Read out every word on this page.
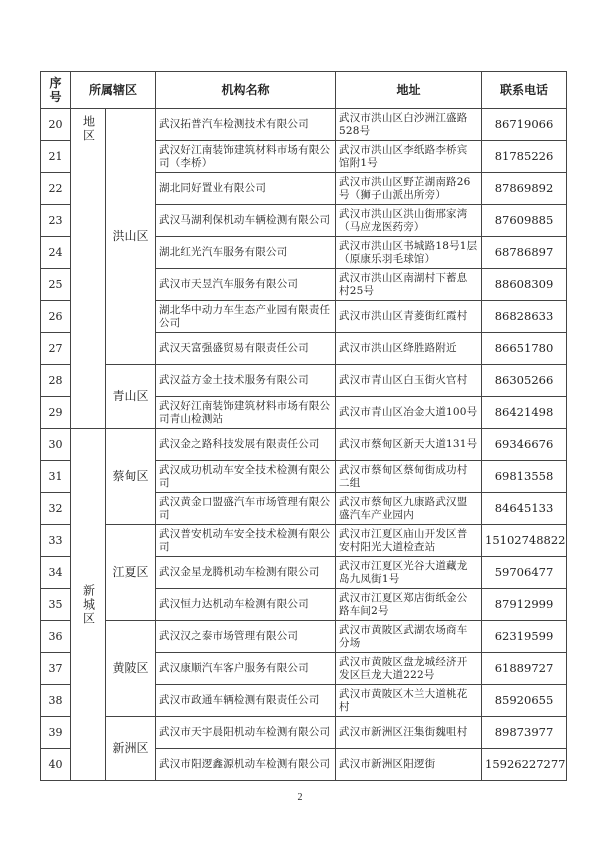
序号	所属辖区		机构名称	地址	联系电话
20	地区	洪山区	武汉拓普汽车检测技术有限公司	武汉市洪山区白沙洲江盛路528号	86719066
21			武汉好江南装饰建筑材料市场有限公司（李桥）	武汉市洪山区李纸路李桥宾馆附1号	81785226
22			湖北同好置业有限公司	武汉市洪山区野芷湖南路26号（狮子山派出所旁）	87869892
23			武汉马湖利保机动车辆检测有限公司	武汉市洪山区洪山街邢家湾（马应龙医药旁）	87609885
24			湖北红光汽车服务有限公司	武汉市洪山区书城路18号1层（原康乐羽毛球馆）	68786897
25			武汉市天昱汽车服务有限公司	武汉市洪山区南湖村下蓄息村25号	88608309
26			湖北华中动力车生态产业园有限责任公司	武汉市洪山区青菱街红霞村	86828633
27			武汉天富强盛贸易有限责任公司	武汉市洪山区绛胜路附近	86651780
28		青山区	武汉益方金土技术服务有限公司	武汉市青山区白玉街火官村	86305266
29			武汉好江南装饰建筑材料市场有限公司青山检测站	武汉市青山区冶金大道100号	86421498
30	新城区	蔡甸区	武汉金之路科技发展有限责任公司	武汉市蔡甸区新天大道131号	69346676
31			武汉成功机动车安全技术检测有限公司	武汉市蔡甸区蔡甸街成功村二组	69813558
32			武汉黄金口盟盛汽车市场管理有限公司	武汉市蔡甸区九康路武汉盟盛汽车产业园内	84645133
33		江夏区	武汉普安机动车安全技术检测有限公司	武汉市江夏区庙山开发区普安村阳光大道检查站	15102748822
34			武汉金星龙腾机动车检测有限公司	武汉市江夏区光谷大道藏龙岛九凤街1号	59706477
35			武汉恒力达机动车检测有限公司	武汉市江夏区郑店街纸金公路车间2号	87912999
36		黄陂区	武汉汉之泰市场管理有限公司	武汉市黄陂区武湖农场商车分场	62319599
37			武汉康顺汽车客户服务有限公司	武汉市黄陂区盘龙城经济开发区巨龙大道222号	61889727
38			武汉市政通车辆检测有限责任公司	武汉市黄陂区木兰大道桃花村	85920655
39		新洲区	武汉市天宇晨阳机动车检测有限公司	武汉市新洲区汪集街魏咀村	89873977
40			武汉市阳逻鑫源机动车检测有限公司	武汉市新洲区阳逻街	15926227277
2
